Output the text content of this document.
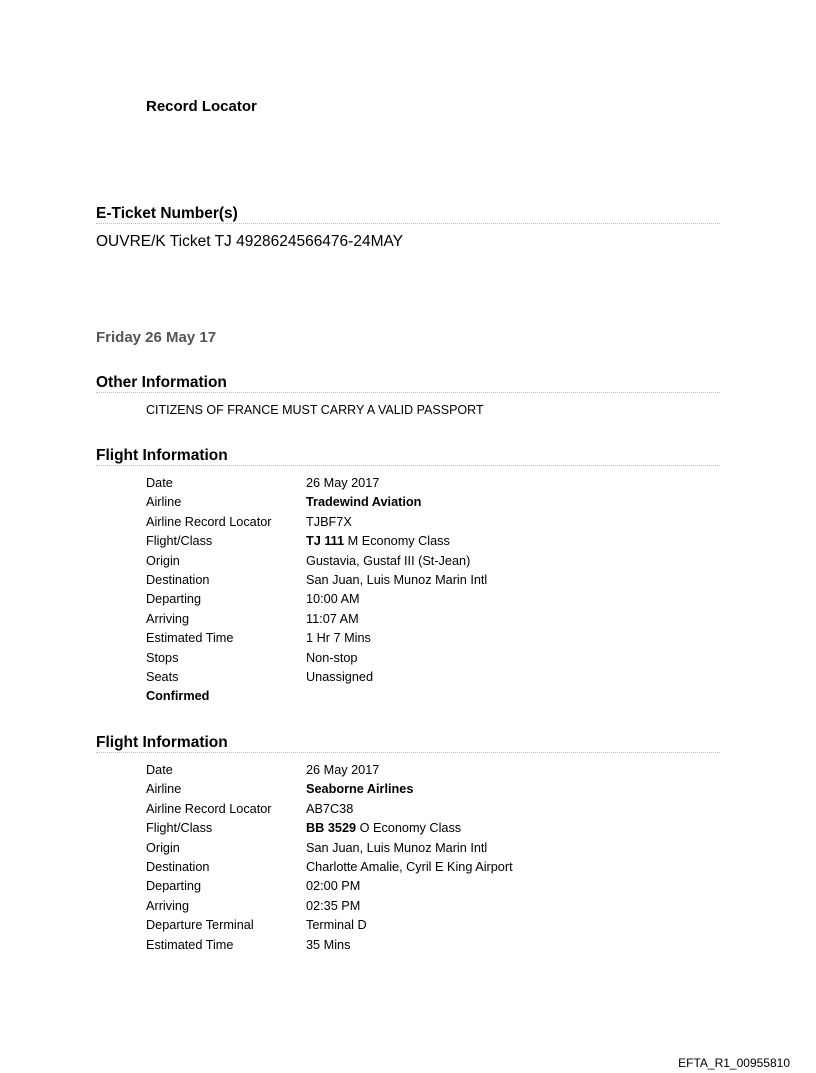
Record Locator
E-Ticket Number(s)
OUVRE/K Ticket TJ 4928624566476-24MAY
Friday 26 May 17
Other Information
CITIZENS OF FRANCE MUST CARRY A VALID PASSPORT
Flight Information
Date	26 May 2017
Airline	Tradewind Aviation
Airline Record Locator	TJBF7X
Flight/Class	TJ 111 M Economy Class
Origin	Gustavia, Gustaf III (St-Jean)
Destination	San Juan, Luis Munoz Marin Intl
Departing	10:00 AM
Arriving	11:07 AM
Estimated Time	1 Hr 7 Mins
Stops	Non-stop
Seats	Unassigned
Confirmed
Flight Information
Date	26 May 2017
Airline	Seaborne Airlines
Airline Record Locator	AB7C38
Flight/Class	BB 3529 O Economy Class
Origin	San Juan, Luis Munoz Marin Intl
Destination	Charlotte Amalie, Cyril E King Airport
Departing	02:00 PM
Arriving	02:35 PM
Departure Terminal	Terminal D
Estimated Time	35 Mins
EFTA_R1_00955810
